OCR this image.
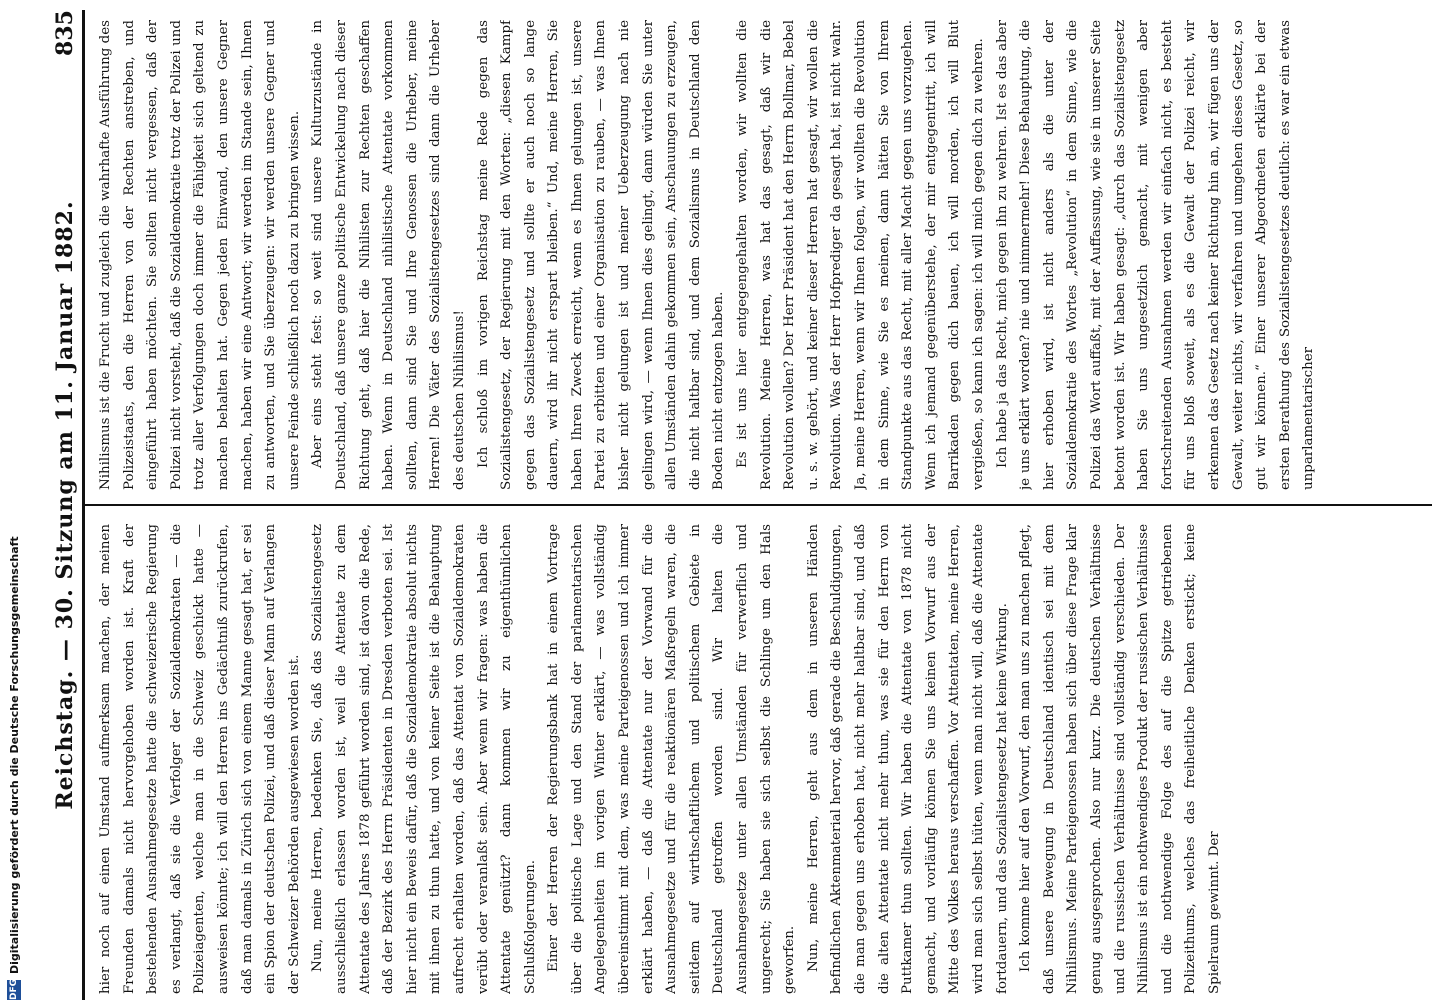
Reichstag. — 30. Sitzung am 11. Januar 1882.
835

hier noch auf einen Umstand aufmerksam machen, der meinen Freunden damals nicht hervorgehoben worden ist. Kraft der bestehenden Ausnahmegesetze hatte die schweizerische Regierung es verlangt, daß sie die Verfolger der Sozialdemokraten — die Polizeiagenten, welche man in die Schweiz geschickt hatte — ausweisen könnte; ich will den Herren ins Gedächtniß zurückrufen, daß man damals in Zürich sich von einem Manne gesagt hat, er sei ein Spion der deutschen Polizei, und daß dieser Mann auf Verlangen der Schweizer Behörden ausgewiesen worden ist. Nun, meine Herren, bedenken Sie, daß das Sozialistengesetz ausschließlich erlassen worden ist, weil die Attentate zu dem Attentate des Jahres 1878 geführt worden sind, ist davon die Rede, daß der Bezirk des Herrn Präsidenten in Dresden verboten sei. Ist hier nicht ein Beweis dafür, daß die Sozialdemokratie absolut nichts mit ihnen zu thun hatte, und von keiner Seite ist die Behauptung aufrecht erhalten worden, daß das Attentat von Sozialdemokraten verübt oder veranlaßt sein. Aber wenn wir fragen: was haben die Attentate genützt? dann kommen wir zu eigenthümlichen Schlußfolgerungen. Einer der Herren der Regierungsbank hat in einem Vortrage über die politische Lage und den Stand der parlamentarischen Angelegenheiten im vorigen Winter erklärt, — was vollständig übereinstimmt mit dem, was meine Parteigenossen und ich immer erklärt haben, — daß die Attentate nur der Vorwand für die Ausnahmegesetze und für die reaktionären Maßregeln waren, die seitdem auf wirthschaftlichem und politischem Gebiete in Deutschland getroffen worden sind. Wir halten die Ausnahmegesetze unter allen Umständen für verwerflich und ungerecht; Sie haben sie sich selbst die Schlinge um den Hals geworfen. Nun, meine Herren, geht aus dem in unseren Händen befindlichen Aktenmaterial hervor, daß gerade die Beschuldigungen, die man gegen uns erhoben hat, nicht mehr haltbar sind, und daß die alten Attentate nicht mehr thun, was sie für den Herrn von Puttkamer thun sollten. Wir haben die Attentate von 1878 nicht gemacht, und vorläufig können Sie uns keinen Vorwurf aus der Mitte des Volkes heraus verschaffen. Vor Attentaten, meine Herren, wird man sich selbst hüten, wenn man nicht will, daß die Attentate fortdauern, und das Sozialistengesetz hat keine Wirkung. Ich komme hier auf den Vorwurf, den man uns zu machen pflegt, daß unsere Bewegung in Deutschland identisch sei mit dem Nihilismus. Meine Parteigenossen haben sich über diese Frage klar genug ausgesprochen. Also nur kurz. Die deutschen Verhältnisse und die russischen Verhältnisse sind vollständig verschieden. Der Nihilismus ist ein nothwendiges Produkt der russischen Verhältnisse und die nothwendige Folge des auf die Spitze getriebenen Polizeithums, welches das freiheitliche Denken erstickt; keine Spielraum gewinnt. Der

Nihilismus ist die Frucht und zugleich die wahrhafte Ausführung des Polizeistaats, den die Herren von der Rechten anstreben, und eingeführt haben möchten. Sie sollten nicht vergessen, daß der Polizei nicht vorsteht, daß die Sozialdemokratie trotz der Polizei und trotz aller Verfolgungen doch immer die Fähigkeit sich geltend zu machen behalten hat. Gegen jeden Einwand, den unsere Gegner machen, haben wir eine Antwort; wir werden im Stande sein, Ihnen zu antworten, und Sie überzeugen: wir werden unsere Gegner und unsere Feinde schließlich noch dazu zu bringen wissen. Aber eins steht fest: so weit sind unsere Kulturzustände in Deutschland, daß unsere ganze politische Entwickelung nach dieser Richtung geht, daß hier die Nihilisten zur Rechten geschaffen haben. Wenn in Deutschland nihilistische Attentate vorkommen sollten, dann sind Sie und Ihre Genossen die Urheber, meine Herren! Die Väter des Sozialistengesetzes sind dann die Urheber des deutschen Nihilismus! Ich schloß im vorigen Reichstag meine Rede gegen das Sozialistengesetz, der Regierung mit den Worten: „diesen Kampf gegen das Sozialistengesetz und sollte er auch noch so lange dauern, wird ihr nicht erspart bleiben.“ Und, meine Herren, Sie haben Ihren Zweck erreicht, wenn es Ihnen gelungen ist, unsere Partei zu erbitten und einer Organisation zu rauben, — was Ihnen bisher nicht gelungen ist und meiner Ueberzeugung nach nie gelingen wird, — wenn Ihnen dies gelingt, dann würden Sie unter allen Umständen dahin gekommen sein, Anschauungen zu erzeugen, die nicht haltbar sind, und dem Sozialismus in Deutschland den Boden nicht entzogen haben. Es ist uns hier entgegengehalten worden, wir wollten die Revolution. Meine Herren, was hat das gesagt, daß wir die Revolution wollen? Der Herr Präsident hat den Herrn Bollmar, Bebel u. s. w. gehört, und keiner dieser Herren hat gesagt, wir wollen die Revolution. Was der Herr Hofprediger da gesagt hat, ist nicht wahr. Ja, meine Herren, wenn wir Ihnen folgen, wir wollten die Revolution in dem Sinne, wie Sie es meinen, dann hätten Sie von Ihrem Standpunkte aus das Recht, mit aller Macht gegen uns vorzugehen. Wenn ich jemand gegenüberstehe, der mir entgegentritt, ich will Barrikaden gegen dich bauen, ich will morden, ich will Blut vergießen, so kann ich sagen: ich will mich gegen dich zu wehren. Ich habe ja das Recht, mich gegen ihn zu wehren. Ist es das aber je uns erklärt worden? nie und nimmermehr! Diese Behauptung, die hier erhoben wird, ist nicht anders als die unter der Sozialdemokratie des Wortes „Revolution“ in dem Sinne, wie die Polizei das Wort auffaßt, mit der Auffassung, wie sie in unserer Seite betont worden ist. Wir haben gesagt: „durch das Sozialistengesetz haben Sie uns ungesetzlich gemacht, mit wenigen aber fortschreitenden Ausnahmen werden wir einfach nicht, es besteht für uns bloß soweit, als es die Gewalt der Polizei reicht, wir erkennen das Gesetz nach keiner Richtung hin an, wir fügen uns der Gewalt, weiter nichts, wir verfahren und umgehen dieses Gesetz, so gut wir können.“ Einer unserer Abgeordneten erklärte bei der ersten Berathung des Sozialistengesetzes deutlich: es war ein etwas unparlamentarischer

DFG
Digitalisierung gefördert durch die Deutsche Forschungsgemeinschaft
